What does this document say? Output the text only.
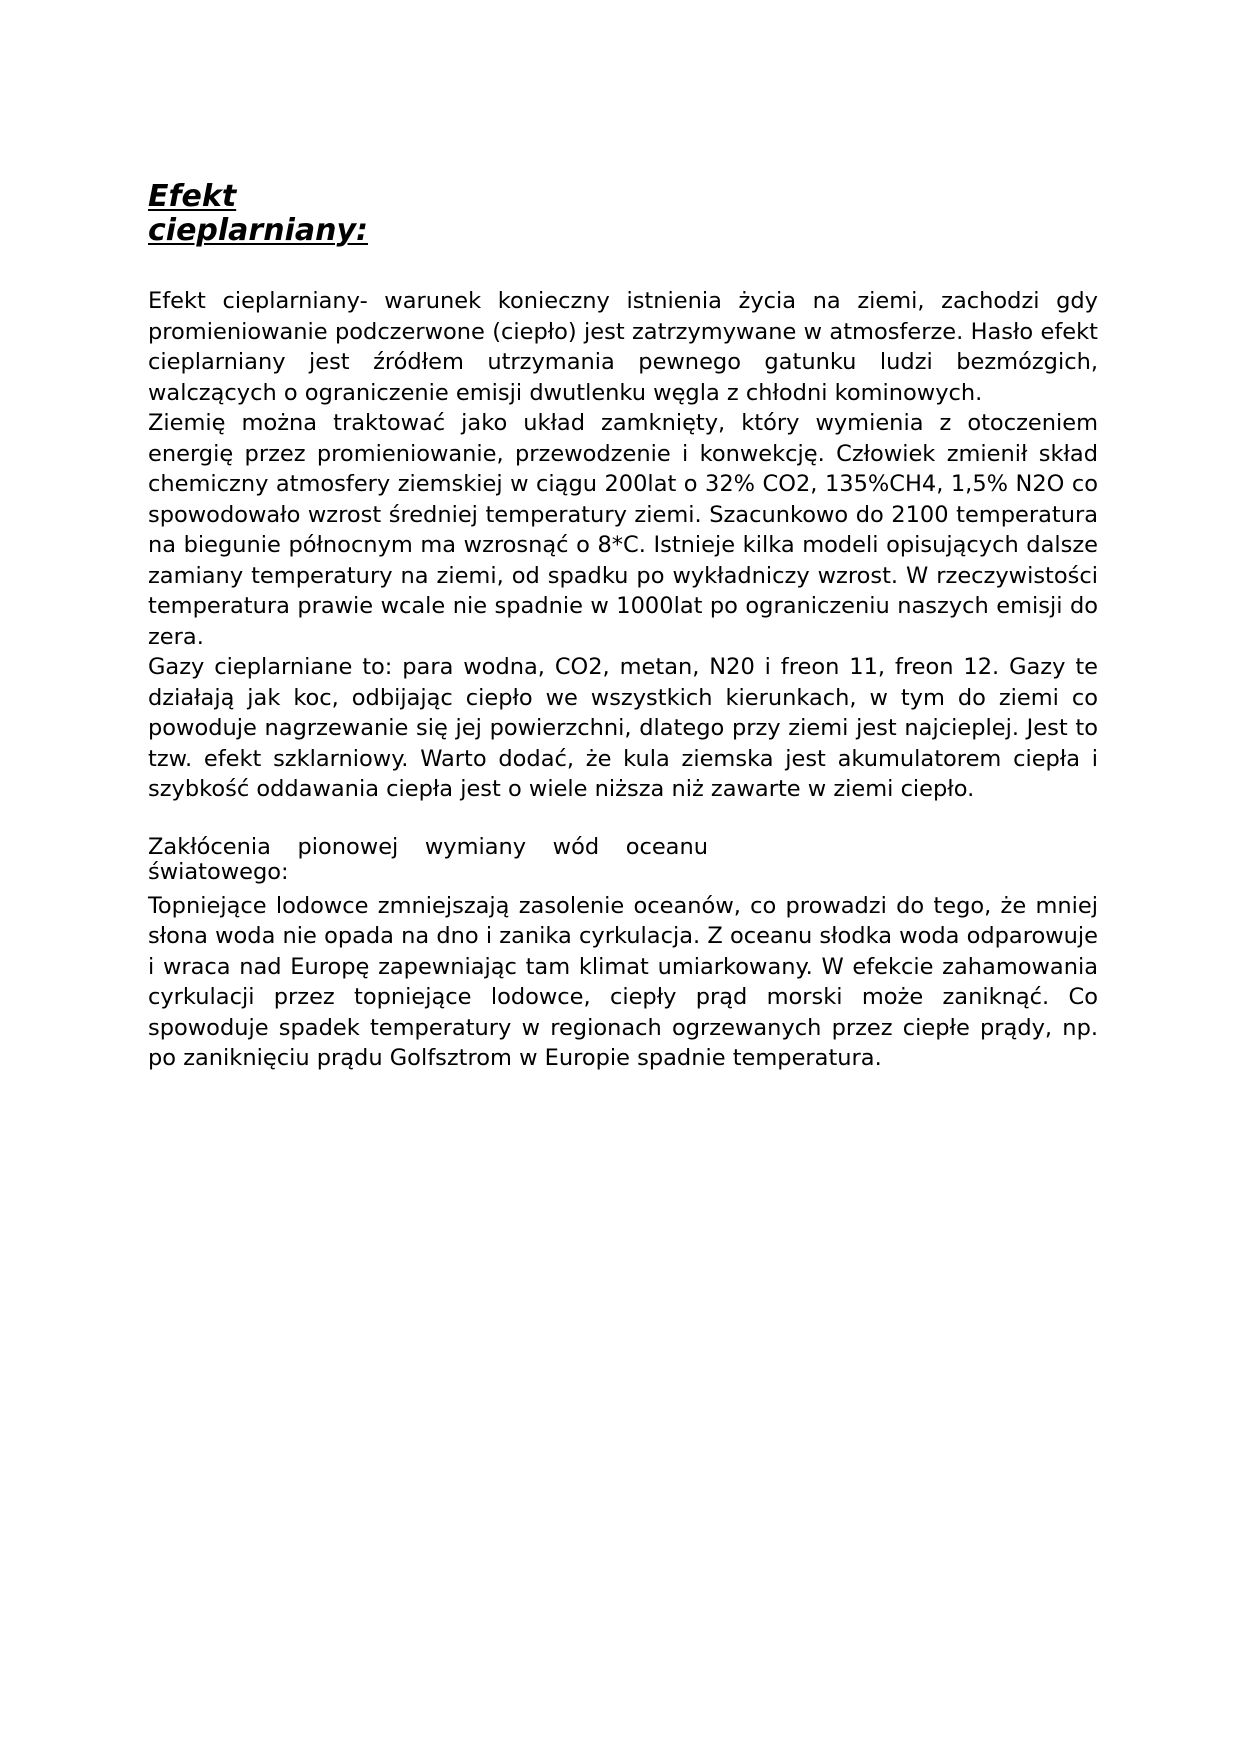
Efekt cieplarniany:

Efekt cieplarniany- warunek konieczny istnienia życia na ziemi, zachodzi gdy promieniowanie podczerwone (ciepło) jest zatrzymywane w atmosferze. Hasło efekt cieplarniany jest źródłem utrzymania pewnego gatunku ludzi bezmózgich, walczących o ograniczenie emisji dwutlenku węgla z chłodni kominowych.

Ziemię można traktować jako układ zamknięty, który wymienia z otoczeniem energię przez promieniowanie, przewodzenie i konwekcję. Człowiek zmienił skład chemiczny atmosfery ziemskiej w ciągu 200lat o 32% CO2, 135%CH4, 1,5% N2O co spowodowało wzrost średniej temperatury ziemi. Szacunkowo do 2100 temperatura na biegunie północnym ma wzrosnąć o 8*C. Istnieje kilka modeli opisujących dalsze zamiany temperatury na ziemi, od spadku po wykładniczy wzrost. W rzeczywistości temperatura prawie wcale nie spadnie w 1000lat po ograniczeniu naszych emisji do zera.

Gazy cieplarniane to: para wodna, CO2, metan, N20 i freon 11, freon 12. Gazy te działają jak koc, odbijając ciepło we wszystkich kierunkach, w tym do ziemi co powoduje nagrzewanie się jej powierzchni, dlatego przy ziemi jest najcieplej. Jest to tzw. efekt szklarniowy. Warto dodać, że kula ziemska jest akumulatorem ciepła i szybkość oddawania ciepła jest o wiele niższa niż zawarte w ziemi ciepło.

Zakłócenia pionowej wymiany wód oceanu światowego:

Topniejące lodowce zmniejszają zasolenie oceanów, co prowadzi do tego, że mniej słona woda nie opada na dno i zanika cyrkulacja. Z oceanu słodka woda odparowuje i wraca nad Europę zapewniając tam klimat umiarkowany. W efekcie zahamowania cyrkulacji przez topniejące lodowce, ciepły prąd morski może zaniknąć. Co spowoduje spadek temperatury w regionach ogrzewanych przez ciepłe prądy, np. po zaniknięciu prądu Golfsztrom w Europie spadnie temperatura.
